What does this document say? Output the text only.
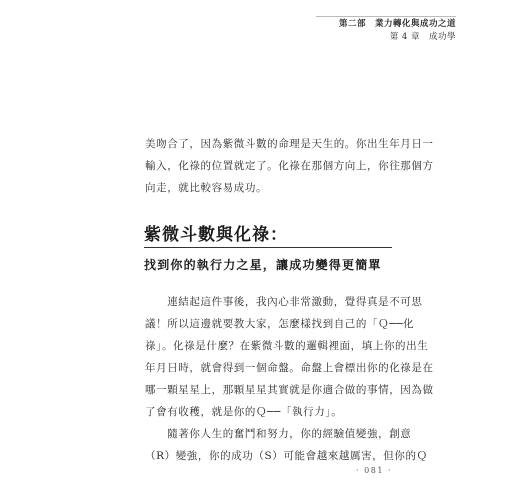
第二部　業力轉化與成功之道
第 4 章　成功學

美吻合了，因為紫微斗數的命理是天生的。你出生年月日一

輸入，化祿的位置就定了。化祿在那個方向上，你往那個方

向走，就比較容易成功。

紫微斗數與化祿：
找到你的執行力之星，讓成功變得更簡單

　　連結起這件事後，我內心非常激動，覺得真是不可思

議！所以這邊就要教大家，怎麼樣找到自己的「Ｑ──化

祿」。化祿是什麼？在紫微斗數的邏輯裡面，填上你的出生

年月日時，就會得到一個命盤。命盤上會標出你的化祿是在

哪一顆星星上，那顆星星其實就是你適合做的事情，因為做

了會有收穫，就是你的Ｑ──「執行力」。

　　隨著你人生的奮鬥和努力，你的經驗值變強，創意

（R）變強，你的成功（S）可能會越來越厲害，但你的Ｑ

‧ 081 ‧
